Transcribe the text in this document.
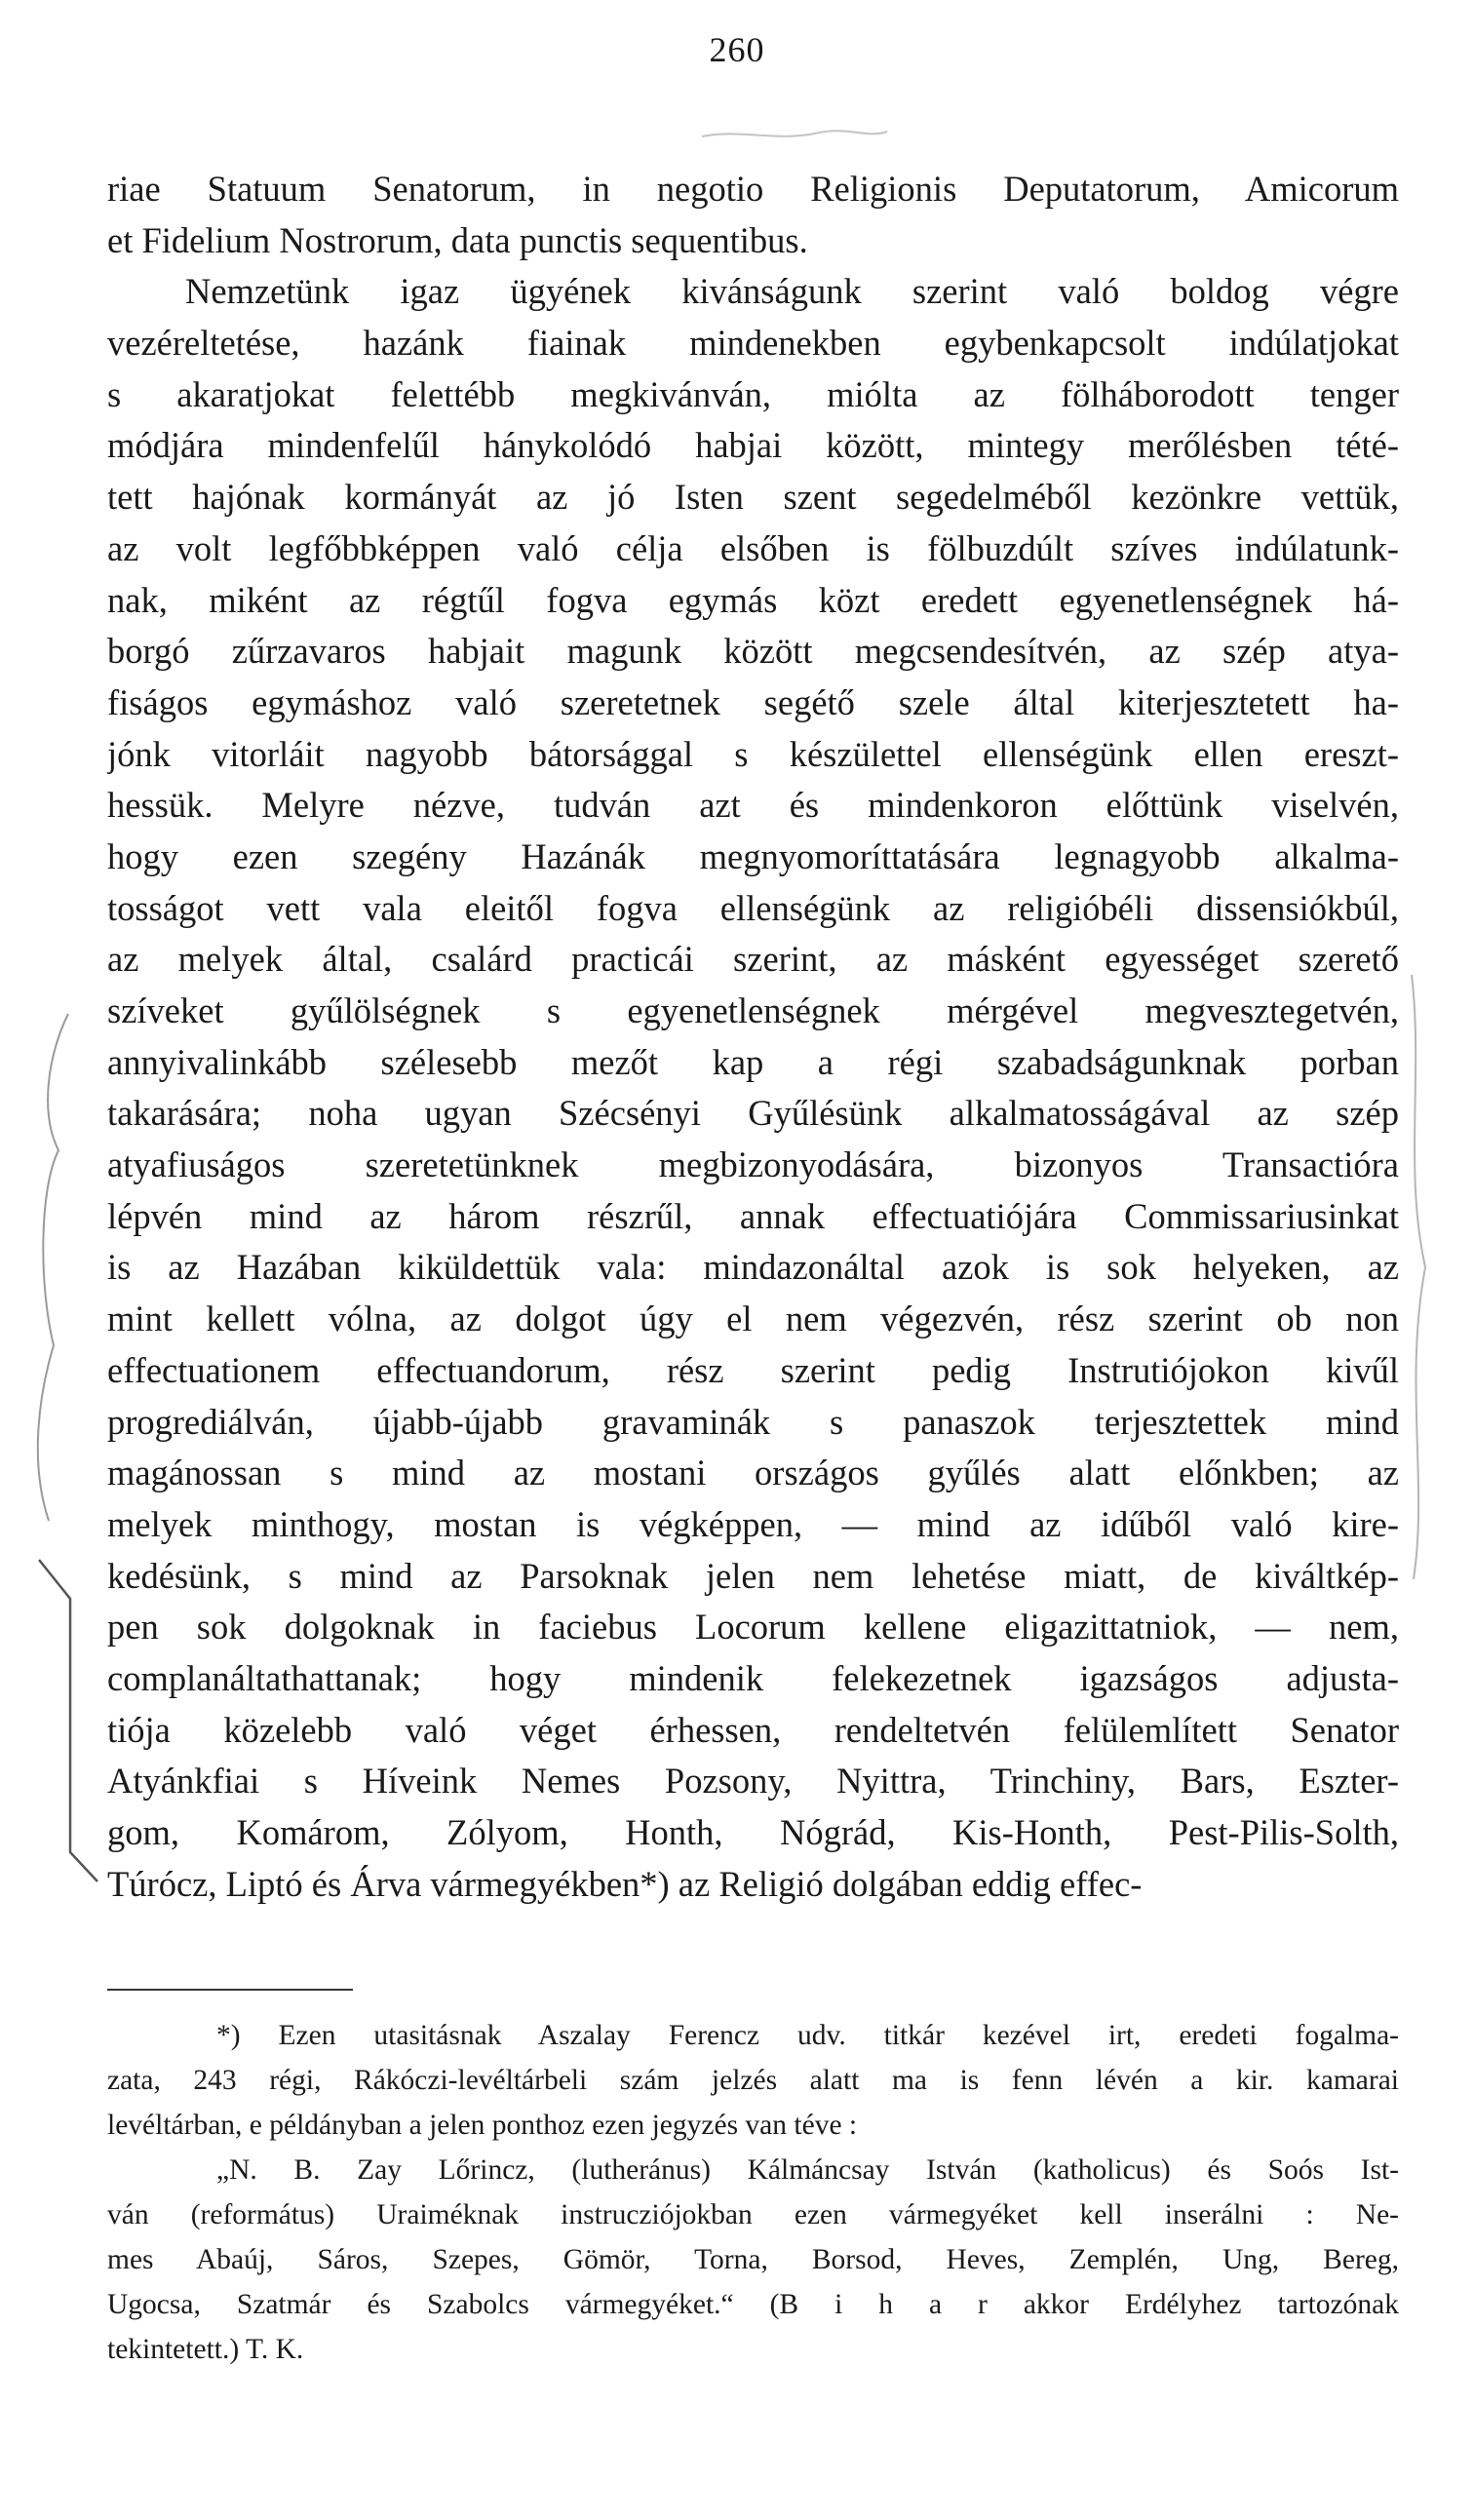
260
riae Statuum Senatorum, in negotio Religionis Deputatorum, Amicorum
et Fidelium Nostrorum, data punctis sequentibus.
Nemzetünk igaz ügyének kivánságunk szerint való boldog végre
vezéreltetése, hazánk fiainak mindenekben egybenkapcsolt indúlatjokat
s akaratjokat felettébb megkivánván, miólta az fölháborodott tenger
módjára mindenfelűl hánykolódó habjai között, mintegy merőlésben tété-
tett hajónak kormányát az jó Isten szent segedelméből kezönkre vettük,
az volt legfőbbképpen való célja elsőben is fölbuzdúlt szíves indúlatunk-
nak, miként az régtűl fogva egymás közt eredett egyenetlenségnek há-
borgó zűrzavaros habjait magunk között megcsendesítvén, az szép atya-
fiságos egymáshoz való szeretetnek segétő szele által kiterjesztetett ha-
jónk vitorláit nagyobb bátorsággal s készülettel ellenségünk ellen ereszt-
hessük. Melyre nézve, tudván azt és mindenkoron előttünk viselvén,
hogy ezen szegény Hazánák megnyomoríttatására legnagyobb alkalma-
tosságot vett vala eleitől fogva ellenségünk az religióbéli dissensiókbúl,
az melyek által, csalárd practicái szerint, az másként egyességet szerető
szíveket gyűlölségnek s egyenetlenségnek mérgével megvesztegetvén,
annyivalinkább szélesebb mezőt kap a régi szabadságunknak porban
takarására; noha ugyan Szécsényi Gyűlésünk alkalmatosságával az szép
atyafiuságos szeretetünknek megbizonyodására, bizonyos Transactióra
lépvén mind az három részrűl, annak effectuatiójára Commissariusinkat
is az Hazában kiküldettük vala: mindazonáltal azok is sok helyeken, az
mint kellett vólna, az dolgot úgy el nem végezvén, rész szerint ob non
effectuationem effectuandorum, rész szerint pedig Instrutiójokon kivűl
progrediálván, újabb-újabb gravaminák s panaszok terjesztettek mind
magánossan s mind az mostani országos gyűlés alatt előnkben; az
melyek minthogy, mostan is végképpen, — mind az idűből való kire-
kedésünk, s mind az Parsoknak jelen nem lehetése miatt, de kiváltkép-
pen sok dolgoknak in faciebus Locorum kellene eligazittatniok, — nem,
complanáltathattanak; hogy mindenik felekezetnek igazságos adjusta-
tiója közelebb való véget érhessen, rendeltetvén felülemlített Senator
Atyánkfiai s Híveink Nemes Pozsony, Nyittra, Trinchiny, Bars, Eszter-
gom, Komárom, Zólyom, Honth, Nógrád, Kis-Honth, Pest-Pilis-Solth,
Túrócz, Liptó és Árva vármegyékben*) az Religió dolgában eddig effec-
*) Ezen utasitásnak Aszalay Ferencz udv. titkár kezével irt, eredeti fogalma-
zata, 243 régi, Rákóczi-levéltárbeli szám jelzés alatt ma is fenn lévén a kir. kamarai
levéltárban, e példányban a jelen ponthoz ezen jegyzés van téve :
„N. B. Zay Lőrincz, (lutheránus) Kálmáncsay István (katholicus) és Soós Ist-
ván (református) Uraiméknak instrucziójokban ezen vármegyéket kell inserálni : Ne-
mes Abaúj, Sáros, Szepes, Gömör, Torna, Borsod, Heves, Zemplén, Ung, Bereg,
Ugocsa, Szatmár és Szabolcs vármegyéket.“ (B i h a r akkor Erdélyhez tartozónak
tekintetett.) T. K.
